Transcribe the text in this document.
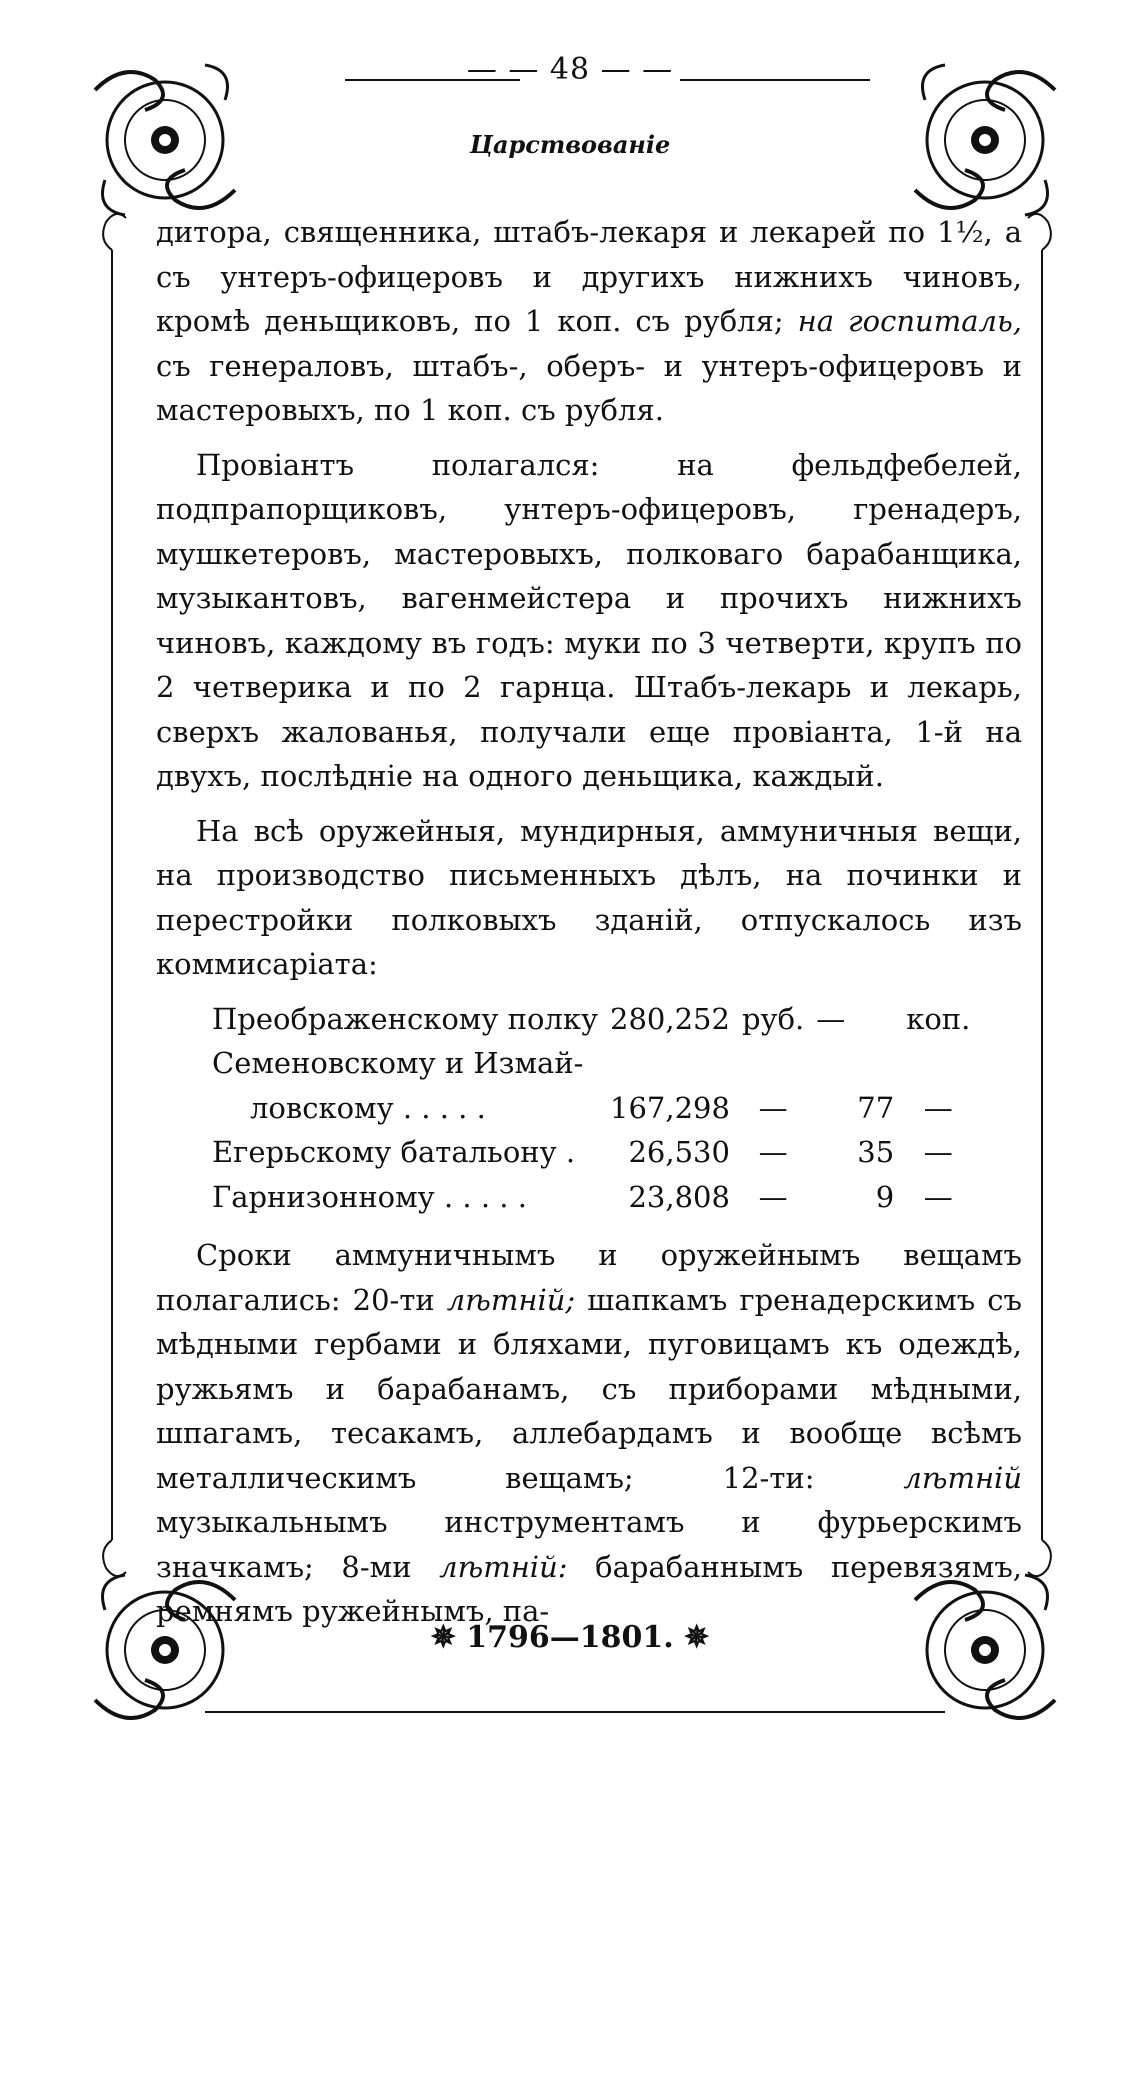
— — 48 — —
Царствованіе

дитора, священника, штабъ-лекаря и лекарей по 1½, а съ унтеръ-офицеровъ и другихъ нижнихъ чиновъ, кромѣ деньщиковъ, по 1 коп. съ рубля; на госпиталь, съ генераловъ, штабъ-, оберъ- и унтеръ-офицеровъ и мастеровыхъ, по 1 коп. съ рубля.

Провіантъ полагался: на фельдфебелей, подпрапорщиковъ, унтеръ-офицеровъ, гренадеръ, мушкетеровъ, мастеровыхъ, полковаго барабанщика, музыкантовъ, вагенмейстера и прочихъ нижнихъ чиновъ, каждому въ годъ: муки по 3 четверти, крупъ по 2 четверика и по 2 гарнца. Штабъ-лекарь и лекарь, сверхъ жалованья, получали еще провіанта, 1-й на двухъ, послѣдніе на одного деньщика, каждый.

На всѣ оружейныя, мундирныя, аммуничныя вещи, на производство письменныхъ дѣлъ, на починки и перестройки полковыхъ зданій, отпускалось изъ коммисаріата:

Преображенскому полку	280,252	руб.	—		коп.
Семеновскому и Измай-					
ловскому . . . . .	167,298	—		77	—
Егерьскому батальону .	26,530	—		35	—
Гарнизонному . . . . .	23,808	—		9	—

Сроки аммуничнымъ и оружейнымъ вещамъ полагались: 20-ти лѣтній; шапкамъ гренадерскимъ съ мѣдными гербами и бляхами, пуговицамъ къ одеждѣ, ружьямъ и барабанамъ, съ приборами мѣдными, шпагамъ, тесакамъ, аллебардамъ и вообще всѣмъ металлическимъ вещамъ; 12-ти:	лѣтній музыкальнымъ инструментамъ и фурьерскимъ значкамъ; 8-ми лѣтній: барабаннымъ перевязямъ, ремнямъ ружейнымъ, па-

✵ 1796—1801. ✵
